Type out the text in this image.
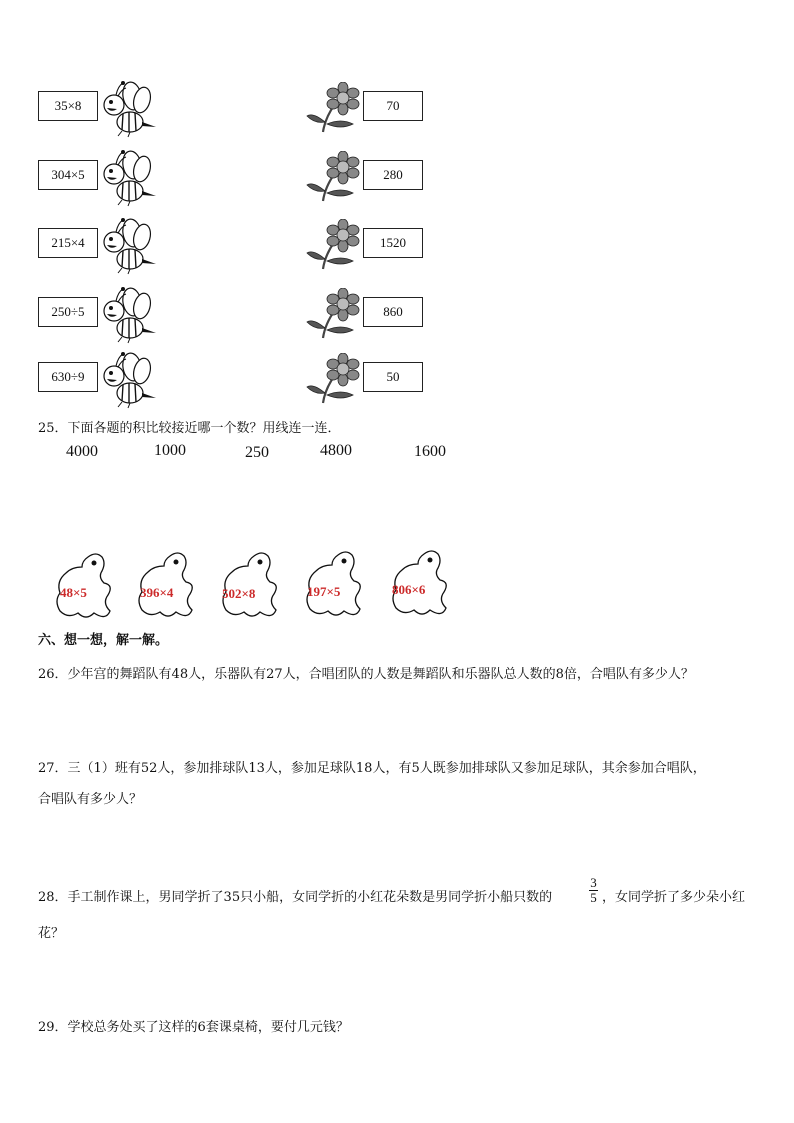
35×8	70
304×5	280
215×4	1520
250÷5	860
630÷9	50
25．下面各题的积比较接近哪一个数？用线连一连．
4000	1000	250	4800	1600
48×5	396×4	502×8	197×5	806×6
六、想一想，解一解。
26．少年宫的舞蹈队有48人，乐器队有27人，合唱团队的人数是舞蹈队和乐器队总人数的8倍，合唱队有多少人？
27．三（1）班有52人，参加排球队13人，参加足球队18人，有5人既参加排球队又参加足球队，其余参加合唱队，
合唱队有多少人？
28．手工制作课上，男同学折了35只小船，女同学折的小红花朵数是男同学折小船只数的
3
5 ，女同学折了多少朵小红
花？
29．学校总务处买了这样的6套课桌椅，要付几元钱？
